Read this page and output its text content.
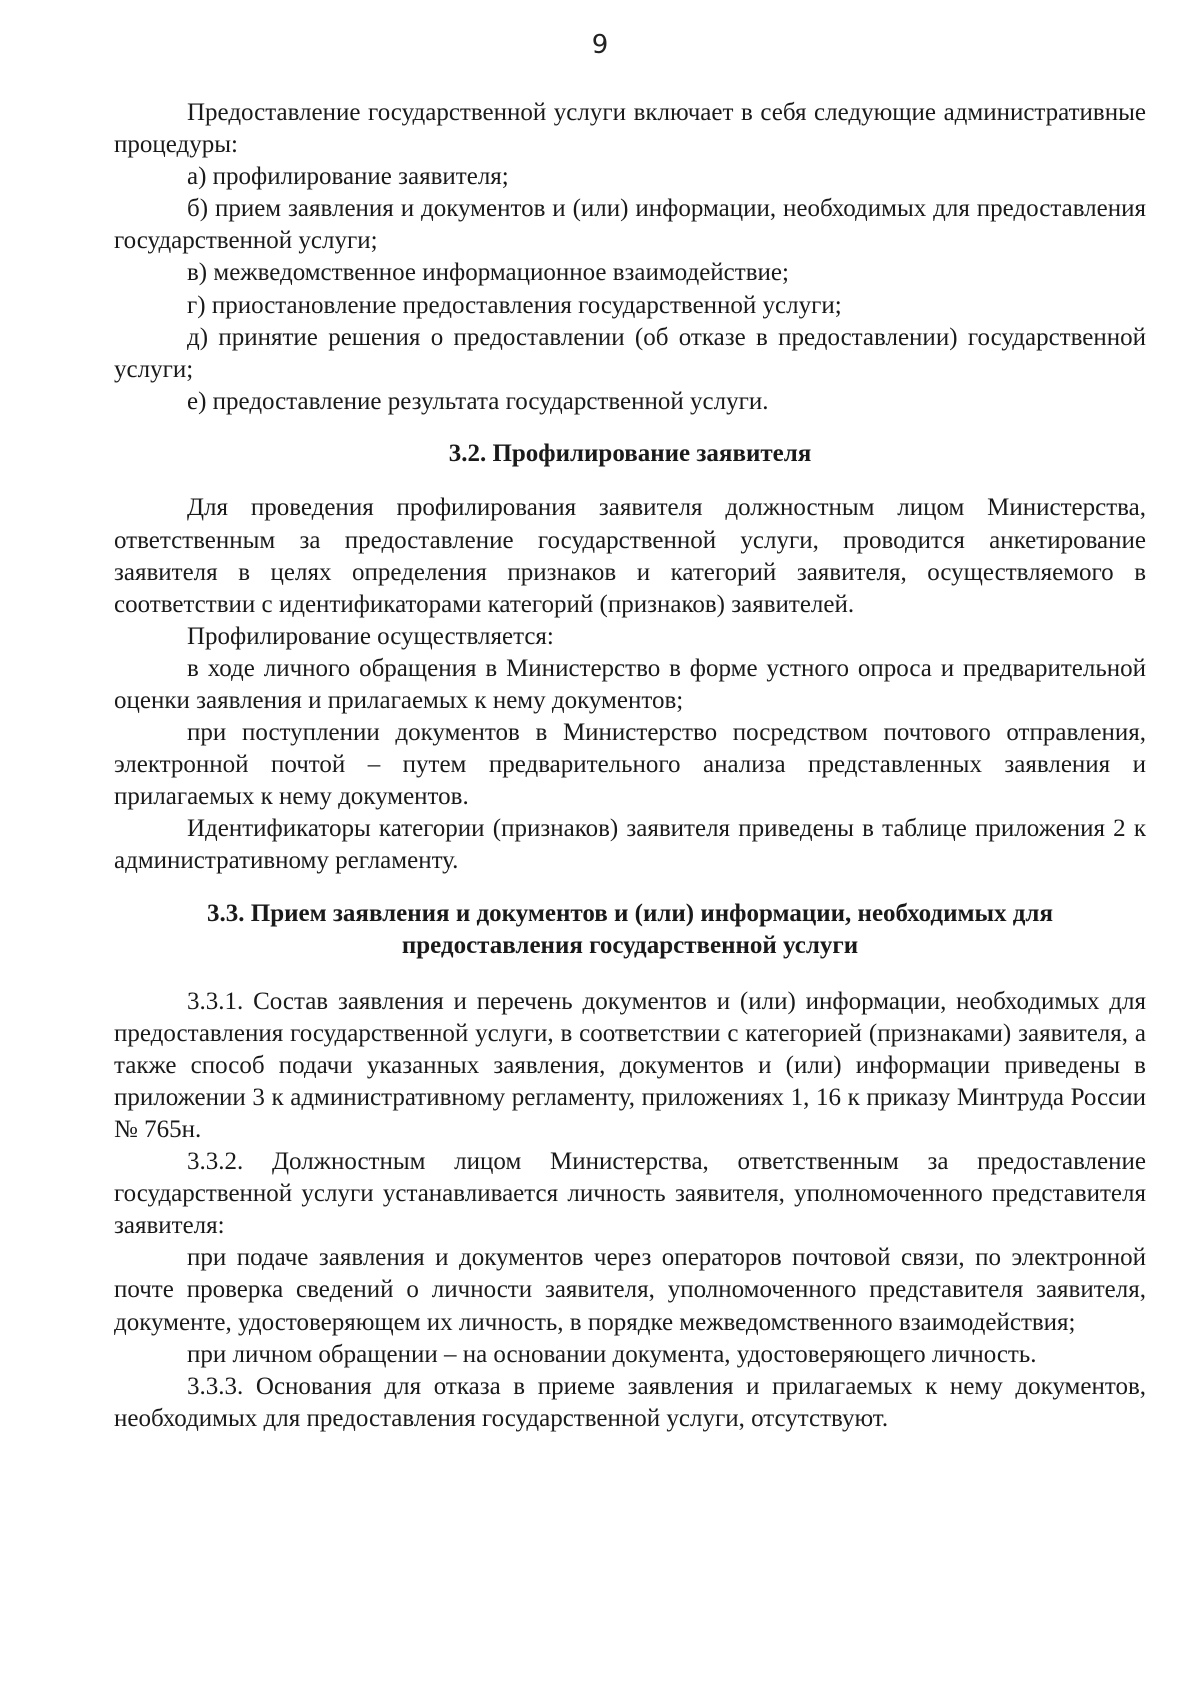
9

Предоставление государственной услуги включает в себя следующие административные процедуры:

а) профилирование заявителя;

б) прием заявления и документов и (или) информации, необходимых для предоставления государственной услуги;

в) межведомственное информационное взаимодействие;

г) приостановление предоставления государственной услуги;

д) принятие решения о предоставлении (об отказе в предоставлении) государственной услуги;

е) предоставление результата государственной услуги.

3.2. Профилирование заявителя

Для проведения профилирования заявителя должностным лицом Министерства, ответственным за предоставление государственной услуги, проводится анкетирование заявителя в целях определения признаков и категорий заявителя, осуществляемого в соответствии с идентификаторами категорий (признаков) заявителей.

Профилирование осуществляется:

в ходе личного обращения в Министерство в форме устного опроса и предварительной оценки заявления и прилагаемых к нему документов;

при поступлении документов в Министерство посредством почтового отправления, электронной почтой – путем предварительного анализа представленных заявления и прилагаемых к нему документов.

Идентификаторы категории (признаков) заявителя приведены в таблице приложения 2 к административному регламенту.

3.3. Прием заявления и документов и (или) информации, необходимых для
предоставления государственной услуги

3.3.1. Состав заявления и перечень документов и (или) информации, необходимых для предоставления государственной услуги, в соответствии с категорией (признаками) заявителя, а также способ подачи указанных заявления, документов и (или) информации приведены в приложении 3 к административному регламенту, приложениях 1, 16 к приказу Минтруда России № 765н.

3.3.2. Должностным лицом Министерства, ответственным за предоставление государственной услуги устанавливается личность заявителя, уполномоченного представителя заявителя:

при подаче заявления и документов через операторов почтовой связи, по электронной почте проверка сведений о личности заявителя, уполномоченного представителя заявителя, документе, удостоверяющем их личность, в порядке межведомственного взаимодействия;

при личном обращении – на основании документа, удостоверяющего личность.

3.3.3. Основания для отказа в приеме заявления и прилагаемых к нему документов, необходимых для предоставления государственной услуги, отсутствуют.
